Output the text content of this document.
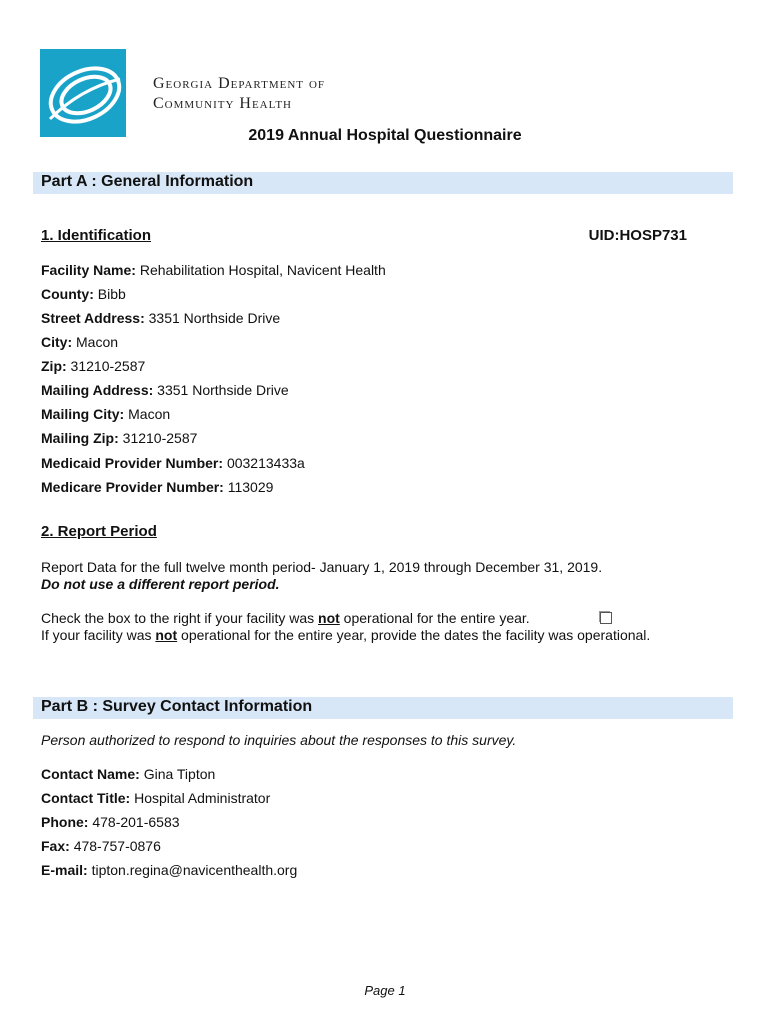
Georgia Department of
Community Health
2019 Annual Hospital Questionnaire
Part A : General Information
1. Identification	UID:HOSP731
Facility Name: Rehabilitation Hospital, Navicent Health
County: Bibb
Street Address: 3351 Northside Drive
City: Macon
Zip: 31210-2587
Mailing Address: 3351 Northside Drive
Mailing City: Macon
Mailing Zip: 31210-2587
Medicaid Provider Number: 003213433a
Medicare Provider Number: 113029
2. Report Period
Report Data for the full twelve month period- January 1, 2019 through December 31, 2019.
Do not use a different report period.
Check the box to the right if your facility was not operational for the entire year.
If your facility was not operational for the entire year, provide the dates the facility was operational.
Part B : Survey Contact Information
Person authorized to respond to inquiries about the responses to this survey.
Contact Name: Gina Tipton
Contact Title: Hospital Administrator
Phone: 478-201-6583
Fax: 478-757-0876
E-mail: tipton.regina@navicenthealth.org
Page 1
